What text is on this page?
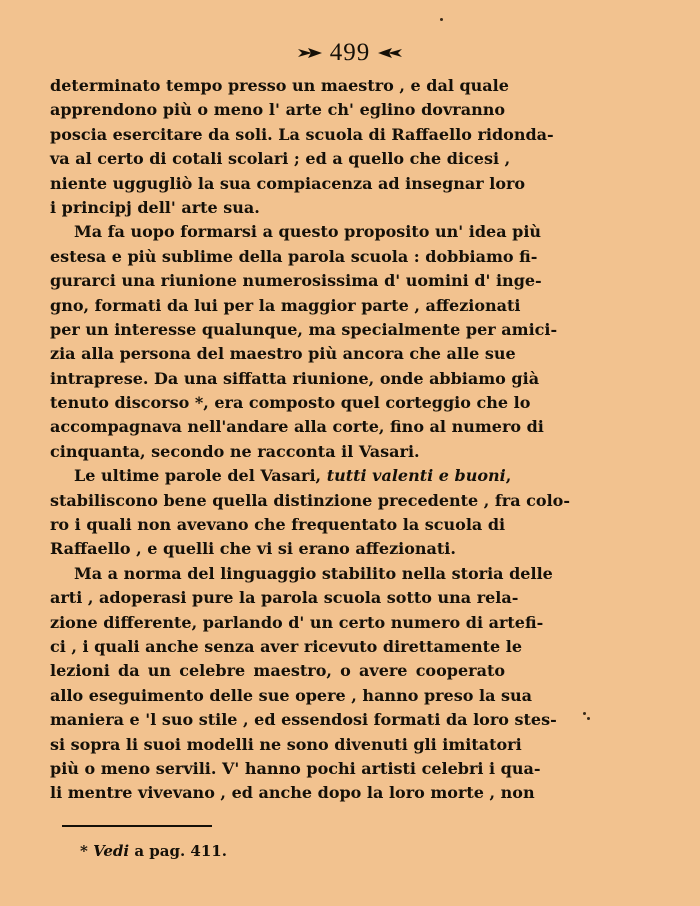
499
determinato tempo presso un maestro , e dal quale
apprendono più o meno l' arte ch' eglino dovranno
poscia esercitare da soli. La scuola di Raffaello ridonda-
va al certo di cotali scolari ; ed a quello che dicesi ,
niente uggugliò la sua compiacenza ad insegnar loro
i principj dell' arte sua.
Ma fa uopo formarsi a questo proposito un' idea più
estesa e più sublime della parola scuola : dobbiamo fi-
gurarci una riunione numerosissima d' uomini d' inge-
gno, formati da lui per la maggior parte , affezionati
per un interesse qualunque, ma specialmente per amici-
zia alla persona del maestro più ancora che alle sue
intraprese. Da una siffatta riunione, onde abbiamo già
tenuto discorso *, era composto quel corteggio che lo
accompagnava nell'andare alla corte, fino al numero di
cinquanta, secondo ne racconta il Vasari.
Le ultime parole del Vasari, tutti valenti e buoni,
stabiliscono bene quella distinzione precedente , fra colo-
ro i quali non avevano che frequentato la scuola di
Raffaello , e quelli che vi si erano affezionati.
Ma a norma del linguaggio stabilito nella storia delle
arti , adoperasi pure la parola scuola sotto una rela-
zione differente, parlando d' un certo numero di artefi-
ci , i quali anche senza aver ricevuto direttamente le
lezioni da un celebre maestro, o avere cooperato
allo eseguimento delle sue opere , hanno preso la sua
maniera e 'l suo stile , ed essendosi formati da loro stes-
si sopra li suoi modelli ne sono divenuti gli imitatori
più o meno servili. V' hanno pochi artisti celebri i qua-
li mentre vivevano , ed anche dopo la loro morte , non
* Vedi a pag. 411.
